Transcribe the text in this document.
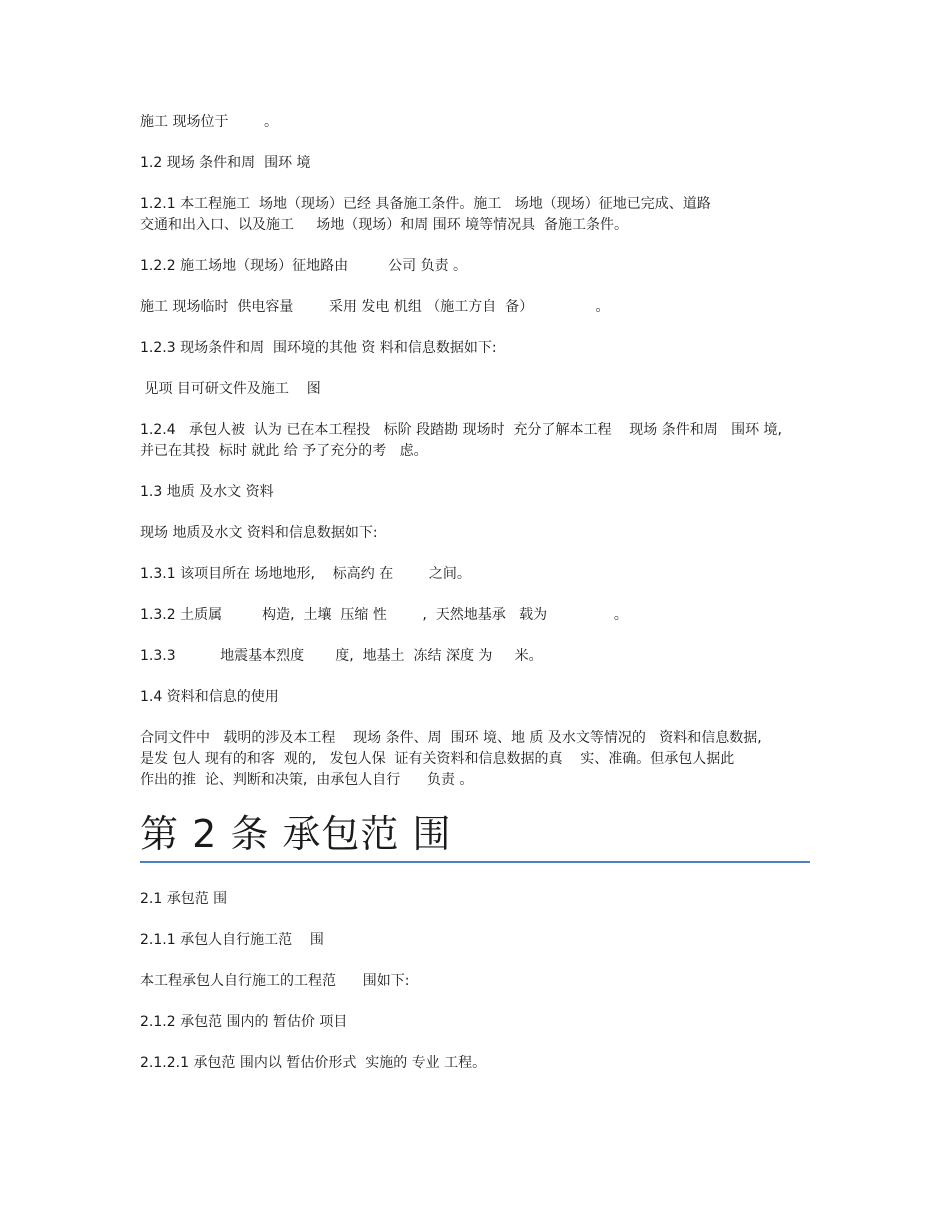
施工 现场位于        。
1.2 现场 条件和周  围环 境
1.2.1 本工程施工  场地（现场）已经 具备施工条件。施工   场地（现场）征地已完成、道路
交通和出入口、以及施工     场地（现场）和周 围环 境等情况具  备施工条件。
1.2.2 施工场地（现场）征地路由         公司 负责 。
施工 现场临时  供电容量        采用 发电 机组 （施工方自  备）              。
1.2.3 现场条件和周  围环境的其他 资 料和信息数据如下:
见项 目可研文件及施工    图
1.2.4   承包人被  认为 已在本工程投   标阶 段踏勘 现场时  充分了解本工程    现场 条件和周   围环 境,
并已在其投  标时 就此 给 予了充分的考   虑。
1.3 地质 及水文 资料
现场 地质及水文 资料和信息数据如下:
1.3.1 该项目所在 场地地形,    标高约 在        之间。
1.3.2 土质属         构造,  土壤  压缩 性        ,  天然地基承   载为               。
1.3.3          地震基本烈度       度,  地基土  冻结 深度 为     米。
1.4 资料和信息的使用
合同文件中   载明的涉及本工程    现场 条件、周  围环 境、地 质 及水文等情况的   资料和信息数据,
是发 包人 现有的和客  观的,   发包人保  证有关资料和信息数据的真    实、准确。但承包人据此
作出的推  论、判断和决策,  由承包人自行      负责 。
第 2 条 承包范 围
2.1 承包范 围
2.1.1 承包人自行施工范    围
本工程承包人自行施工的工程范      围如下:
2.1.2 承包范 围内的 暂估价 项目
2.1.2.1 承包范 围内以 暂估价形式  实施的 专业 工程。
